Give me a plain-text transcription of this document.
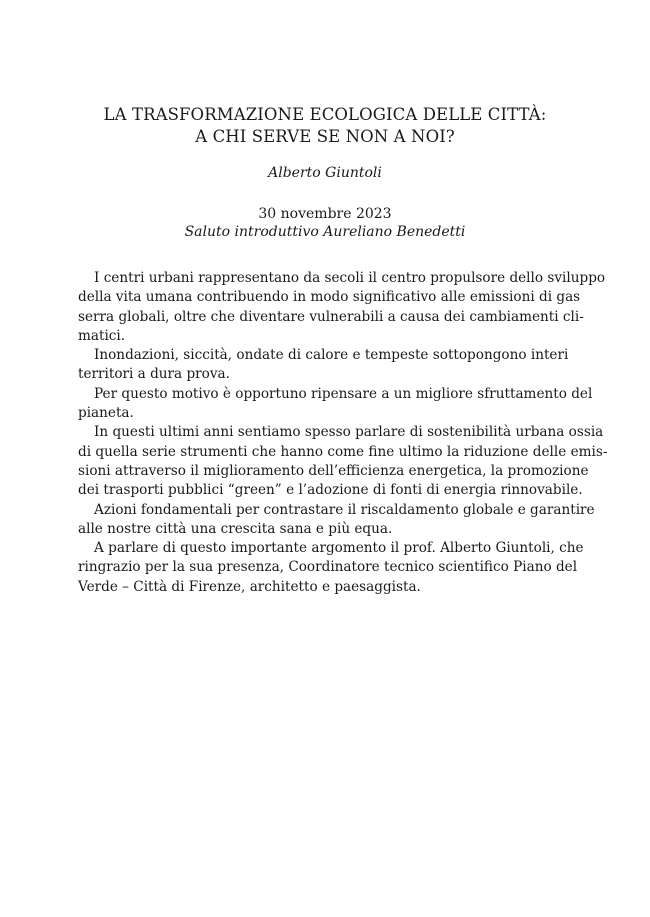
LA TRASFORMAZIONE ECOLOGICA DELLE CITTÀ:
A CHI SERVE SE NON A NOI?
Alberto Giuntoli
30 novembre 2023
Saluto introduttivo Aureliano Benedetti
I centri urbani rappresentano da secoli il centro propulsore dello sviluppo
della vita umana contribuendo in modo significativo alle emissioni di gas
serra globali, oltre che diventare vulnerabili a causa dei cambiamenti cli-
matici.
Inondazioni, siccità, ondate di calore e tempeste sottopongono interi
territori a dura prova.
Per questo motivo è opportuno ripensare a un migliore sfruttamento del
pianeta.
In questi ultimi anni sentiamo spesso parlare di sostenibilità urbana ossia
di quella serie strumenti che hanno come fine ultimo la riduzione delle emis-
sioni attraverso il miglioramento dell’efficienza energetica, la promozione
dei trasporti pubblici “green” e l’adozione di fonti di energia rinnovabile.
Azioni fondamentali per contrastare il riscaldamento globale e garantire
alle nostre città una crescita sana e più equa.
A parlare di questo importante argomento il prof. Alberto Giuntoli, che
ringrazio per la sua presenza, Coordinatore tecnico scientifico Piano del
Verde – Città di Firenze, architetto e paesaggista.
